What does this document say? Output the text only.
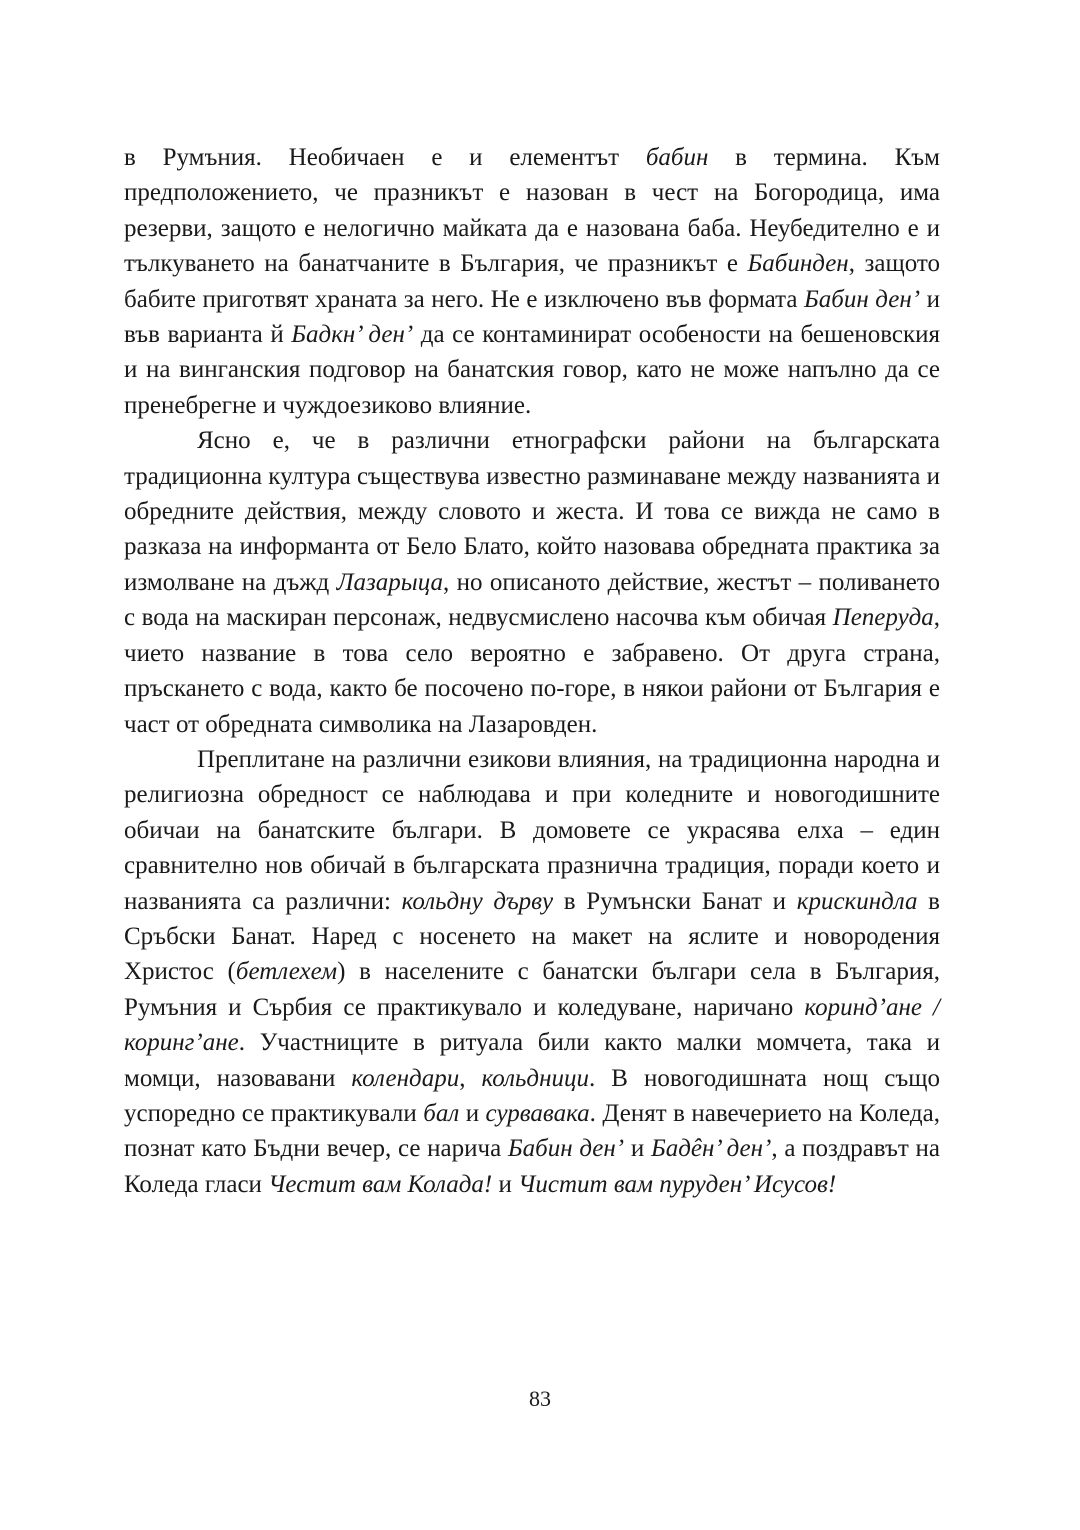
в Румъния. Необичаен е и елементът бабин в термина. Към предположението, че празникът е назован в чест на Богородица, има резерви, защото е нелогично майката да е назована баба. Неубедително е и тълкуването на банатчаните в България, че празникът е Бабинден, защото бабите приготвят храната за него. Не е изключено във формата Бабин ден’ и във варианта й Бадкн’ ден’ да се контаминират особености на бешеновския и на винганския подговор на банатския говор, като не може напълно да се пренебрегне и чуждоезиково влияние.

Ясно е, че в различни етнографски райони на българската традиционна култура съществува известно разминаване между названията и обредните действия, между словото и жеста. И това се вижда не само в разказа на информанта от Бело Блато, който назовава обредната практика за измолване на дъжд Лазарыца, но описаното действие, жестът – поливането с вода на маскиран персонаж, недвусмислено насочва към обичая Пеперуда, чието название в това село вероятно е забравено. От друга страна, пръскането с вода, както бе посочено по-горе, в някои райони от България е част от обредната символика на Лазаровден.

Преплитане на различни езикови влияния, на традиционна народна и религиозна обредност се наблюдава и при коледните и новогодишните обичаи на банатските българи. В домовете се украсява елха – един сравнително нов обичай в българската празнична традиция, поради което и названията са различни: кольдну дърву в Румънски Банат и крискиндла в Сръбски Банат. Наред с носенето на макет на яслите и новородения Христос (бетлехем) в населените с банатски българи села в България, Румъния и Сърбия се практикувало и коледуване, наричано коринд’ане / коринг’ане. Участниците в ритуала били както малки момчета, така и момци, назовавани колендари, кольдници. В новогодишната нощ също успоредно се практикували бал и сурвавака. Денят в навечерието на Коледа, познат като Бъдни вечер, се нарича Бабин ден’ и Бадêн’ ден’, а поздравът на Коледа гласи Честит вам Колада! и Чистит вам пуруден’ Исусов!

83
